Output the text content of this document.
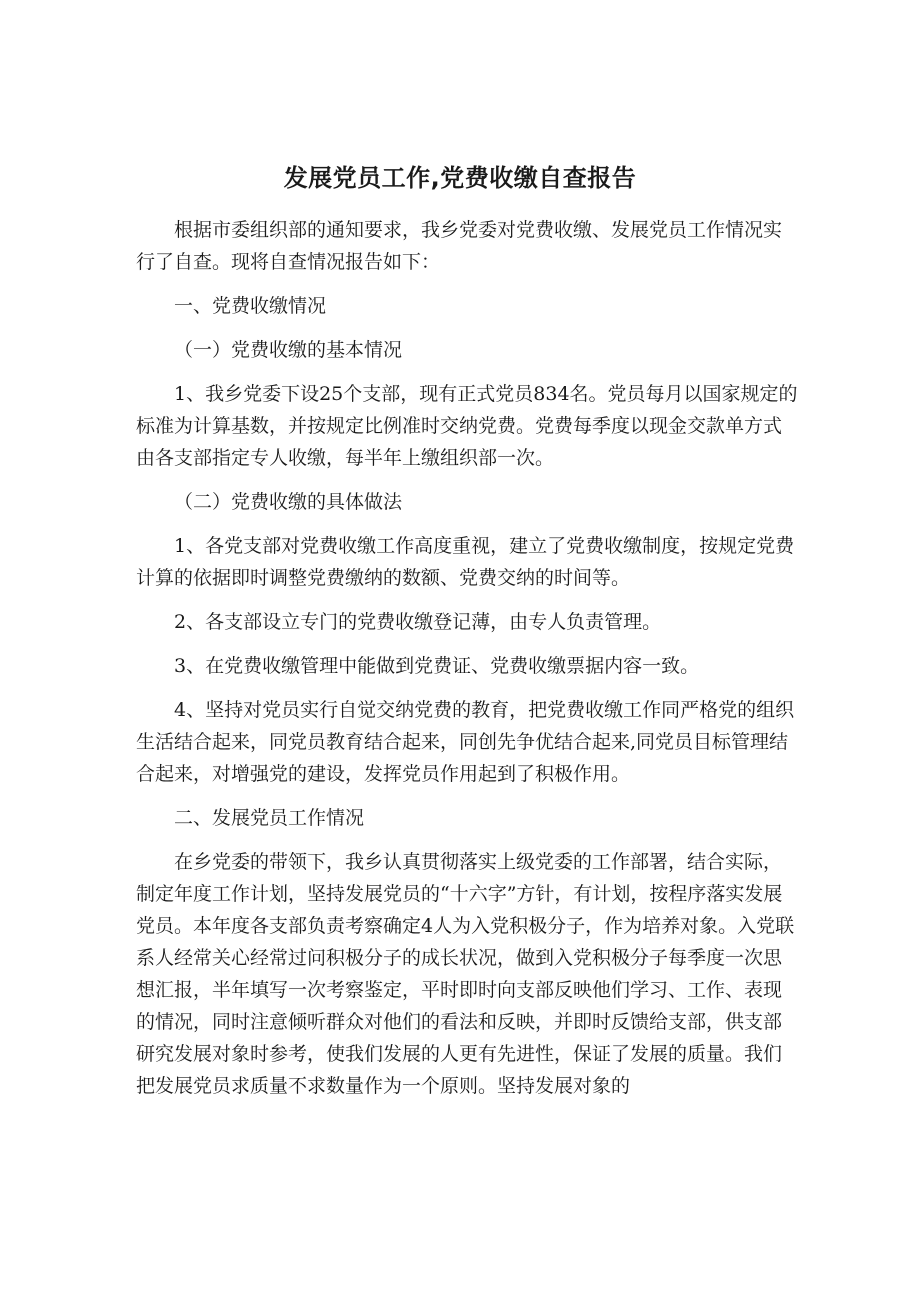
发展党员工作,党费收缴自查报告

根据市委组织部的通知要求，我乡党委对党费收缴、发展党员工作情况实行了自查。现将自查情况报告如下：

一、党费收缴情况

（一）党费收缴的基本情况

1、我乡党委下设25个支部，现有正式党员834名。党员每月以国家规定的标准为计算基数，并按规定比例准时交纳党费。党费每季度以现金交款单方式由各支部指定专人收缴，每半年上缴组织部一次。

（二）党费收缴的具体做法

1、各党支部对党费收缴工作高度重视，建立了党费收缴制度，按规定党费计算的依据即时调整党费缴纳的数额、党费交纳的时间等。

2、各支部设立专门的党费收缴登记薄，由专人负责管理。

3、在党费收缴管理中能做到党费证、党费收缴票据内容一致。

4、坚持对党员实行自觉交纳党费的教育，把党费收缴工作同严格党的组织生活结合起来，同党员教育结合起来，同创先争优结合起来,同党员目标管理结合起来，对增强党的建设，发挥党员作用起到了积极作用。

二、发展党员工作情况

在乡党委的带领下，我乡认真贯彻落实上级党委的工作部署，结合实际，制定年度工作计划，坚持发展党员的“十六字”方针，有计划，按程序落实发展党员。本年度各支部负责考察确定4人为入党积极分子，作为培养对象。入党联系人经常关心经常过问积极分子的成长状况，做到入党积极分子每季度一次思想汇报，半年填写一次考察鉴定，平时即时向支部反映他们学习、工作、表现的情况，同时注意倾听群众对他们的看法和反映，并即时反馈给支部，供支部研究发展对象时参考，使我们发展的人更有先进性，保证了发展的质量。我们把发展党员求质量不求数量作为一个原则。坚持发展对象的
